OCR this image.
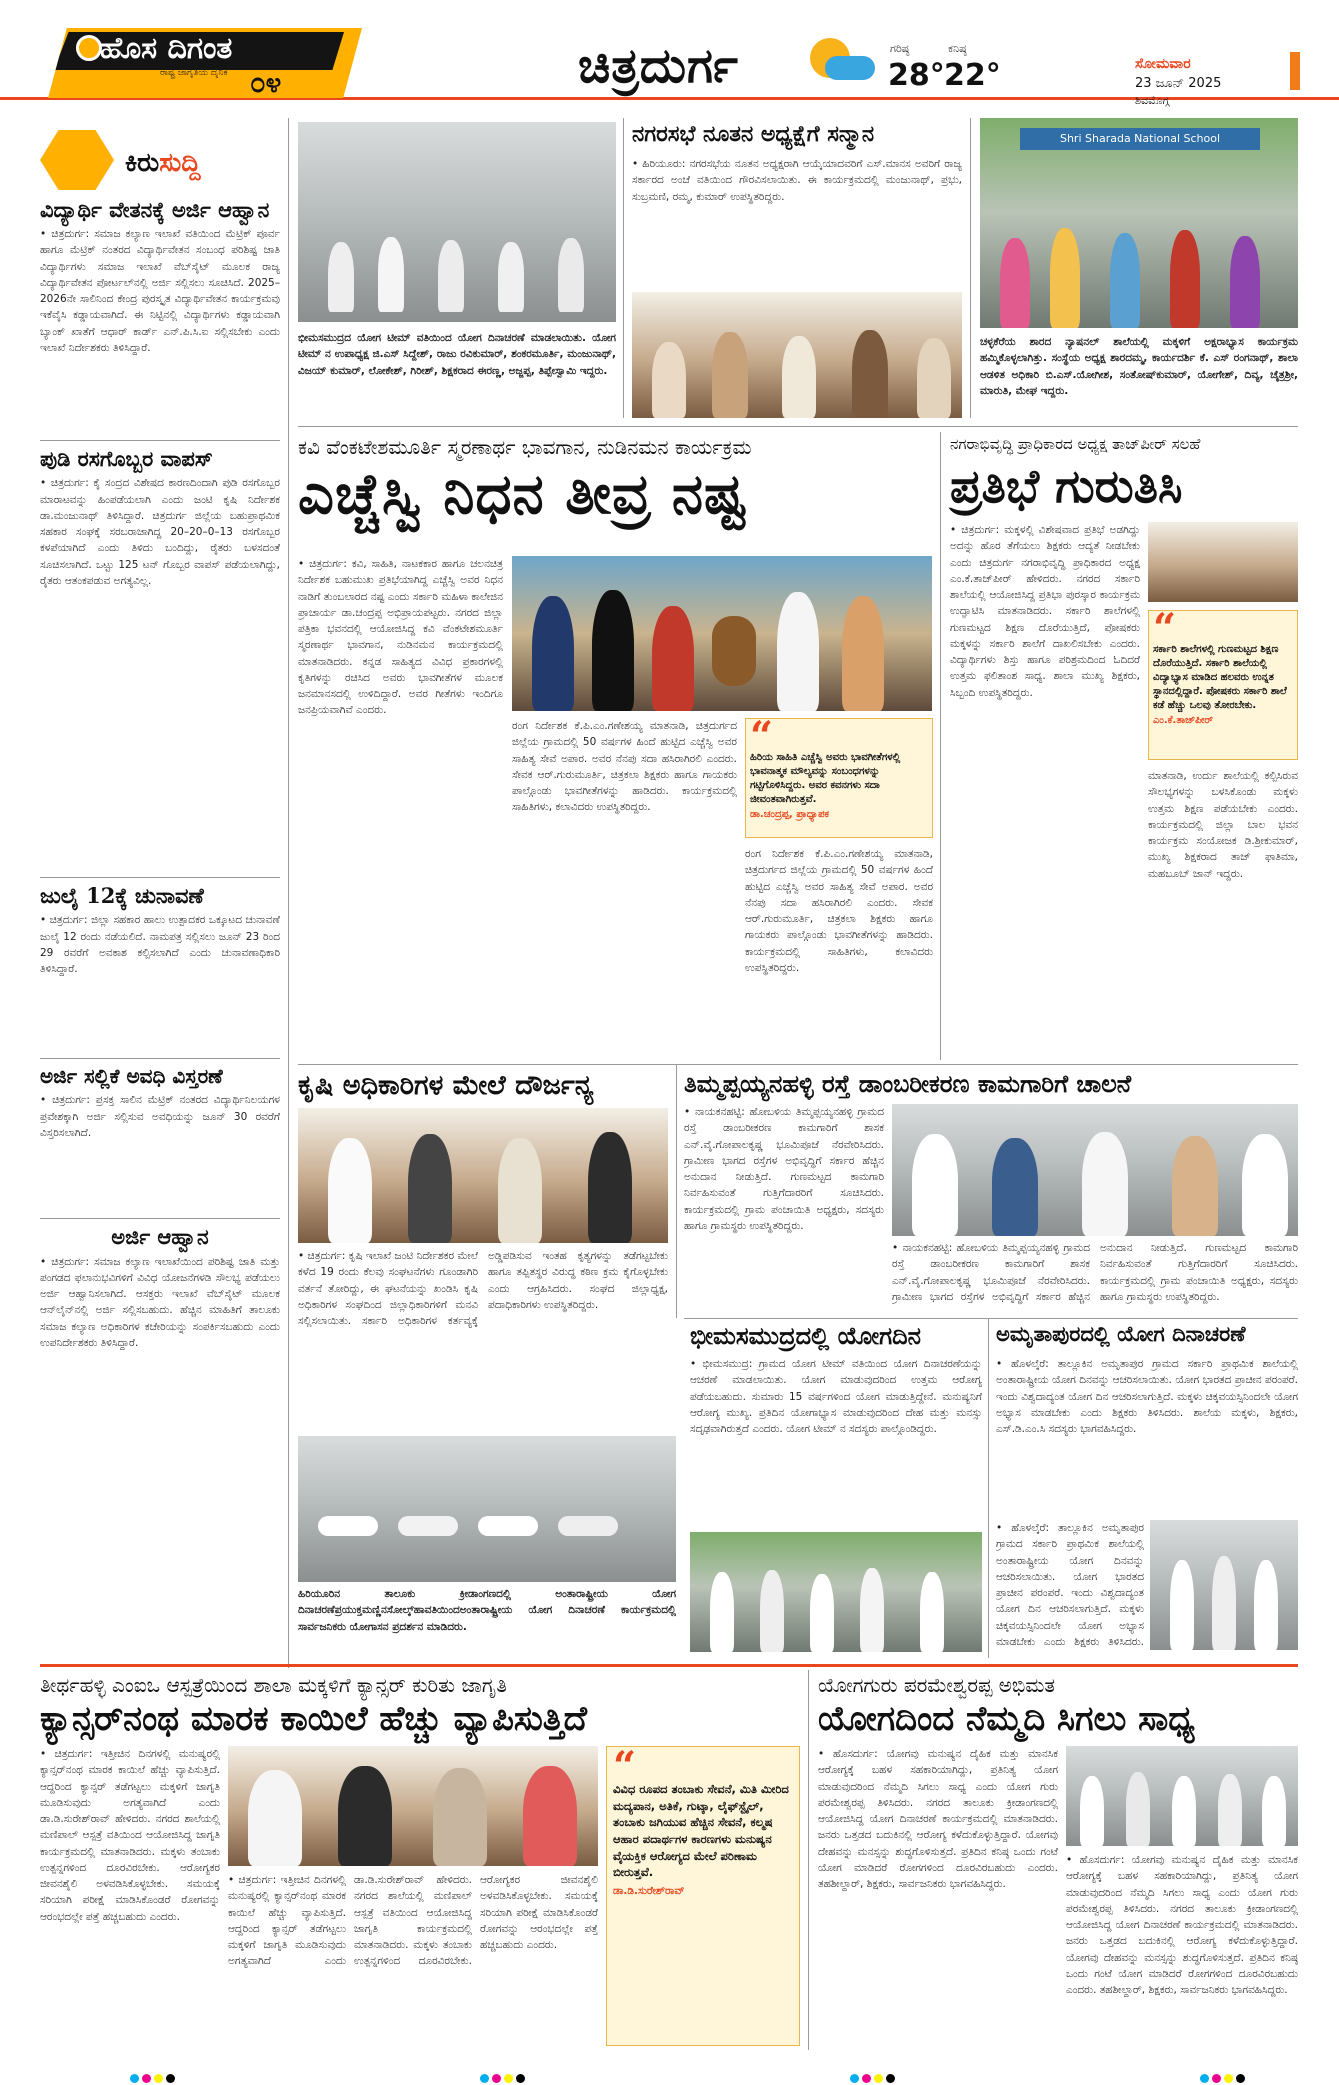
ಹೊಸ ದಿಗಂತ
ರಾಷ್ಟ್ರ ಜಾಗೃತಿಯ ದೈನಿಕ ೦೪	ಚಿತ್ರದುರ್ಗ	ಗರಿಷ್ಠ
28°
ಕನಿಷ್ಠ
22°	ಸೋಮವಾರ
23 ಜೂನ್ 2025
ಶಿವಮೊಗ್ಗ
ಕಿರುಸುದ್ದಿ
ವಿದ್ಯಾರ್ಥಿ ವೇತನಕ್ಕೆ ಅರ್ಜಿ ಆಹ್ವಾನ
• ಚಿತ್ರದುರ್ಗ: ಸಮಾಜ ಕಲ್ಯಾಣ ಇಲಾಖೆ ವತಿಯಿಂದ ಮೆಟ್ರಿಕ್ ಪೂರ್ವ ಹಾಗೂ ಮೆಟ್ರಿಕ್ ನಂತರದ ವಿದ್ಯಾರ್ಥಿವೇತನ ಸಂಬಂಧ ಪರಿಶಿಷ್ಟ ಜಾತಿ ವಿದ್ಯಾರ್ಥಿಗಳು ಸಮಾಜ ಇಲಾಖೆ ವೆಬ್‌ಸೈಟ್ ಮೂಲಕ ರಾಜ್ಯ ವಿದ್ಯಾರ್ಥಿವೇತನ ಪೋರ್ಟಲ್‌ನಲ್ಲಿ ಅರ್ಜಿ ಸಲ್ಲಿಸಲು ಸೂಚಿಸಿದೆ. 2025–2026ನೇ ಸಾಲಿನಿಂದ ಕೇಂದ್ರ ಪುರಸ್ಕೃತ ವಿದ್ಯಾರ್ಥಿವೇತನ ಕಾರ್ಯಕ್ರಮವು ಇಕೆವೈಸಿ ಕಡ್ಡಾಯವಾಗಿದೆ. ಈ ನಿಟ್ಟಿನಲ್ಲಿ ವಿದ್ಯಾರ್ಥಿಗಳು ಕಡ್ಡಾಯವಾಗಿ ಬ್ಯಾಂಕ್ ಖಾತೆಗೆ ಆಧಾರ್ ಕಾರ್ಡ್ ಎನ್.ಪಿ.ಸಿ.ಐ ಸಲ್ಲಿಸಬೇಕು ಎಂದು ಇಲಾಖೆ ನಿರ್ದೇಶಕರು ತಿಳಿಸಿದ್ದಾರೆ.
ಪುಡಿ ರಸಗೊಬ್ಬರ ವಾಪಸ್
• ಚಿತ್ರದುರ್ಗ: ಕೈ ಸಂದ್ರದ ವಿಶೇಷದ ಕಾರಣದಿಂದಾಗಿ ಪುಡಿ ರಸಗೊಬ್ಬರ ಮಾರಾಟವನ್ನು ಹಿಂಪಡೆಯಲಾಗಿ ಎಂದು ಜಂಟಿ ಕೃಷಿ ನಿರ್ದೇಶಕ ಡಾ.ಮಂಜುನಾಥ್ ತಿಳಿಸಿದ್ದಾರೆ. ಚಿತ್ರದುರ್ಗ ಜಿಲ್ಲೆಯ ಬಹುಪ್ರಾಥಮಿಕ ಸಹಕಾರ ಸಂಘಕ್ಕೆ ಸರಬರಾಜಾಗಿದ್ದ 20–20–0–13 ರಸಗೊಬ್ಬರ ಕಳಪೆಯಾಗಿದೆ ಎಂದು ತಿಳಿದು ಬಂದಿದ್ದು, ರೈತರು ಬಳಸದಂತೆ ಸೂಚಿಸಲಾಗಿದೆ. ಒಟ್ಟು 125 ಟನ್ ಗೊಬ್ಬರ ವಾಪಸ್ ಪಡೆಯಲಾಗಿದ್ದು, ರೈತರು ಆತಂಕಪಡುವ ಅಗತ್ಯವಿಲ್ಲ.
ಜುಲೈ 12ಕ್ಕೆ ಚುನಾವಣೆ
• ಚಿತ್ರದುರ್ಗ: ಜಿಲ್ಲಾ ಸಹಕಾರ ಹಾಲು ಉತ್ಪಾದಕರ ಒಕ್ಕೂಟದ ಚುನಾವಣೆ ಜುಲೈ 12 ರಂದು ನಡೆಯಲಿದೆ. ನಾಮಪತ್ರ ಸಲ್ಲಿಸಲು ಜೂನ್ 23 ರಿಂದ 29 ರವರೆಗೆ ಅವಕಾಶ ಕಲ್ಪಿಸಲಾಗಿದೆ ಎಂದು ಚುನಾವಣಾಧಿಕಾರಿ ತಿಳಿಸಿದ್ದಾರೆ.
ಅರ್ಜಿ ಸಲ್ಲಿಕೆ ಅವಧಿ ವಿಸ್ತರಣೆ
• ಚಿತ್ರದುರ್ಗ: ಪ್ರಸಕ್ತ ಸಾಲಿನ ಮೆಟ್ರಿಕ್ ನಂತರದ ವಿದ್ಯಾರ್ಥಿನಿಲಯಗಳ ಪ್ರವೇಶಕ್ಕಾಗಿ ಅರ್ಜಿ ಸಲ್ಲಿಸುವ ಅವಧಿಯನ್ನು ಜೂನ್ 30 ರವರೆಗೆ ವಿಸ್ತರಿಸಲಾಗಿದೆ.
ಅರ್ಜಿ ಆಹ್ವಾನ
• ಚಿತ್ರದುರ್ಗ: ಸಮಾಜ ಕಲ್ಯಾಣ ಇಲಾಖೆಯಿಂದ ಪರಿಶಿಷ್ಟ ಜಾತಿ ಮತ್ತು ಪಂಗಡದ ಫಲಾನುಭವಿಗಳಿಗೆ ವಿವಿಧ ಯೋಜನೆಗಳಡಿ ಸೌಲಭ್ಯ ಪಡೆಯಲು ಅರ್ಜಿ ಆಹ್ವಾನಿಸಲಾಗಿದೆ. ಆಸಕ್ತರು ಇಲಾಖೆ ವೆಬ್‌ಸೈಟ್ ಮೂಲಕ ಆನ್‌ಲೈನ್‌ನಲ್ಲಿ ಅರ್ಜಿ ಸಲ್ಲಿಸಬಹುದು. ಹೆಚ್ಚಿನ ಮಾಹಿತಿಗೆ ತಾಲೂಕು ಸಮಾಜ ಕಲ್ಯಾಣ ಅಧಿಕಾರಿಗಳ ಕಚೇರಿಯನ್ನು ಸಂಪರ್ಕಿಸಬಹುದು ಎಂದು ಉಪನಿರ್ದೇಶಕರು ತಿಳಿಸಿದ್ದಾರೆ.
ಭೀಮಸಮುದ್ರದ ಯೋಗ ಟೀಮ್ ವತಿಯಿಂದ ಯೋಗ ದಿನಾಚರಣೆ ಮಾಡಲಾಯಿತು. ಯೋಗ ಟೀಮ್ ನ ಉಪಾಧ್ಯಕ್ಷ ಜಿ.ಎಸ್ ಸಿದ್ದೇಶ್, ರಾಜು ರವಿಕುಮಾರ್, ಶಂಕರಮೂರ್ತಿ, ಮಂಜುನಾಥ್, ವಿಜಯ್ ಕುಮಾರ್, ಲೋಕೇಶ್, ಗಿರೀಶ್, ಶಿಕ್ಷಕರಾದ ಈರಣ್ಣ, ಅಜ್ಜಪ್ಪ, ತಿಪ್ಪೇಸ್ವಾಮಿ ಇದ್ದರು.
ನಗರಸಭೆ ನೂತನ ಅಧ್ಯಕ್ಷೆಗೆ ಸನ್ಮಾನ
• ಹಿರಿಯೂರು: ನಗರಸಭೆಯ ನೂತನ ಅಧ್ಯಕ್ಷರಾಗಿ ಆಯ್ಕೆಯಾದವರಿಗೆ ಎಸ್.ಮಾನಸ ಅವರಿಗೆ ರಾಜ್ಯ ಸರ್ಕಾರದ ಅಂಚೆ ವತಿಯಿಂದ ಗೌರವಿಸಲಾಯಿತು. ಈ ಕಾರ್ಯಕ್ರಮದಲ್ಲಿ ಮಂಜುನಾಥ್, ಪ್ರಭು, ಸುಬ್ರಮಣಿ, ರಮ್ಮ, ಕುಮಾರ್ ಉಪಸ್ಥಿತರಿದ್ದರು.
Shri Sharada National School
ಚಳ್ಳಕೆರೆಯ ಶಾರದ ನ್ಯಾಷನಲ್ ಶಾಲೆಯಲ್ಲಿ ಮಕ್ಕಳಿಗೆ ಅಕ್ಷರಾಭ್ಯಾಸ ಕಾರ್ಯಕ್ರಮ ಹಮ್ಮಿಕೊಳ್ಳಲಾಗಿತ್ತು. ಸಂಸ್ಥೆಯ ಅಧ್ಯಕ್ಷ ಶಾರದಮ್ಮ, ಕಾರ್ಯದರ್ಶಿ ಕೆ. ಎಸ್ ರಂಗನಾಥ್, ಶಾಲಾ ಆಡಳಿತ ಅಧಿಕಾರಿ ಬಿ.ಎಸ್.ಯೋಗೀಶ, ಸಂತೋಷ್‌ಕುಮಾರ್, ಯೋಗೇಶ್, ದಿವ್ಯ, ಚೈತ್ರಶ್ರೀ, ಮಾರುತಿ, ಮೇಘ ಇದ್ದರು.
ಕವಿ ವೆಂಕಟೇಶಮೂರ್ತಿ ಸ್ಮರಣಾರ್ಥ ಭಾವಗಾನ, ನುಡಿನಮನ ಕಾರ್ಯಕ್ರಮ
ಎಚ್ಚೆಸ್ವಿ ನಿಧನ ತೀವ್ರ ನಷ್ಟ
• ಚಿತ್ರದುರ್ಗ: ಕವಿ, ಸಾಹಿತಿ, ನಾಟಕಕಾರ ಹಾಗೂ ಚಲನಚಿತ್ರ ನಿರ್ದೇಶಕ ಬಹುಮುಖ ಪ್ರತಿಭೆಯಾಗಿದ್ದ ಎಚ್ಚೆಸ್ವಿ ಅವರ ನಿಧನ ನಾಡಿಗೆ ತುಂಬಲಾರದ ನಷ್ಟ ಎಂದು ಸರ್ಕಾರಿ ಮಹಿಳಾ ಕಾಲೇಜಿನ ಪ್ರಾಚಾರ್ಯ ಡಾ.ಚಂದ್ರಪ್ಪ ಅಭಿಪ್ರಾಯಪಟ್ಟರು. ನಗರದ ಜಿಲ್ಲಾ ಪತ್ರಿಕಾ ಭವನದಲ್ಲಿ ಆಯೋಜಿಸಿದ್ದ ಕವಿ ವೆಂಕಟೇಶಮೂರ್ತಿ ಸ್ಮರಣಾರ್ಥ ಭಾವಗಾನ, ನುಡಿನಮನ ಕಾರ್ಯಕ್ರಮದಲ್ಲಿ ಮಾತನಾಡಿದರು. ಕನ್ನಡ ಸಾಹಿತ್ಯದ ವಿವಿಧ ಪ್ರಕಾರಗಳಲ್ಲಿ ಕೃತಿಗಳನ್ನು ರಚಿಸಿದ ಅವರು ಭಾವಗೀತೆಗಳ ಮೂಲಕ ಜನಮಾನಸದಲ್ಲಿ ಉಳಿದಿದ್ದಾರೆ. ಅವರ ಗೀತೆಗಳು ಇಂದಿಗೂ ಜನಪ್ರಿಯವಾಗಿವೆ ಎಂದರು.
“
ಹಿರಿಯ ಸಾಹಿತಿ ಎಚ್ಚೆಸ್ವಿ ಅವರು ಭಾವಗೀತೆಗಳಲ್ಲಿ ಭಾವನಾತ್ಮಕ ಮೌಲ್ಯವನ್ನು ಸಂಬಂಧಗಳನ್ನು ಗಟ್ಟಿಗೊಳಿಸಿದ್ದರು. ಅವರ ಕವನಗಳು ಸದಾ ಜೀವಂತವಾಗಿರುತ್ತವೆ.
ಡಾ.ಚಂದ್ರಪ್ಪ, ಪ್ರಾಧ್ಯಾಪಕ
ರಂಗ ನಿರ್ದೇಶಕ ಕೆ.ಪಿ.ಎಂ.ಗಣೇಶಯ್ಯ ಮಾತನಾಡಿ, ಚಿತ್ರದುರ್ಗದ ಜಿಲ್ಲೆಯ ಗ್ರಾಮದಲ್ಲಿ 50 ವರ್ಷಗಳ ಹಿಂದೆ ಹುಟ್ಟಿದ ಎಚ್ಚೆಸ್ವಿ ಅವರ ಸಾಹಿತ್ಯ ಸೇವೆ ಅಪಾರ. ಅವರ ನೆನಪು ಸದಾ ಹಸಿರಾಗಿರಲಿ ಎಂದರು. ಸೇವಕ ಆರ್.ಗುರುಮೂರ್ತಿ, ಚಿತ್ರಕಲಾ ಶಿಕ್ಷಕರು ಹಾಗೂ ಗಾಯಕರು ಪಾಲ್ಗೊಂಡು ಭಾವಗೀತೆಗಳನ್ನು ಹಾಡಿದರು. ಕಾರ್ಯಕ್ರಮದಲ್ಲಿ ಸಾಹಿತಿಗಳು, ಕಲಾವಿದರು ಉಪಸ್ಥಿತರಿದ್ದರು.
ರಂಗ ನಿರ್ದೇಶಕ ಕೆ.ಪಿ.ಎಂ.ಗಣೇಶಯ್ಯ ಮಾತನಾಡಿ, ಚಿತ್ರದುರ್ಗದ ಜಿಲ್ಲೆಯ ಗ್ರಾಮದಲ್ಲಿ 50 ವರ್ಷಗಳ ಹಿಂದೆ ಹುಟ್ಟಿದ ಎಚ್ಚೆಸ್ವಿ ಅವರ ಸಾಹಿತ್ಯ ಸೇವೆ ಅಪಾರ. ಅವರ ನೆನಪು ಸದಾ ಹಸಿರಾಗಿರಲಿ ಎಂದರು. ಸೇವಕ ಆರ್.ಗುರುಮೂರ್ತಿ, ಚಿತ್ರಕಲಾ ಶಿಕ್ಷಕರು ಹಾಗೂ ಗಾಯಕರು ಪಾಲ್ಗೊಂಡು ಭಾವಗೀತೆಗಳನ್ನು ಹಾಡಿದರು. ಕಾರ್ಯಕ್ರಮದಲ್ಲಿ ಸಾಹಿತಿಗಳು, ಕಲಾವಿದರು ಉಪಸ್ಥಿತರಿದ್ದರು.
ನಗರಾಭಿವೃದ್ಧಿ ಪ್ರಾಧಿಕಾರದ ಅಧ್ಯಕ್ಷ ತಾಜ್‌ಪೀರ್ ಸಲಹೆ
ಪ್ರತಿಭೆ ಗುರುತಿಸಿ
• ಚಿತ್ರದುರ್ಗ: ಮಕ್ಕಳಲ್ಲಿ ವಿಶೇಷವಾದ ಪ್ರತಿಭೆ ಅಡಗಿದ್ದು ಅದನ್ನು ಹೊರ ತೆಗೆಯಲು ಶಿಕ್ಷಕರು ಆದ್ಯತೆ ನೀಡಬೇಕು ಎಂದು ಚಿತ್ರದುರ್ಗ ನಗರಾಭಿವೃದ್ಧಿ ಪ್ರಾಧಿಕಾರದ ಅಧ್ಯಕ್ಷ ಎಂ.ಕೆ.ತಾಜ್‌ಪೀರ್ ಹೇಳಿದರು. ನಗರದ ಸರ್ಕಾರಿ ಶಾಲೆಯಲ್ಲಿ ಆಯೋಜಿಸಿದ್ದ ಪ್ರತಿಭಾ ಪುರಸ್ಕಾರ ಕಾರ್ಯಕ್ರಮ ಉದ್ಘಾಟಿಸಿ ಮಾತನಾಡಿದರು. ಸರ್ಕಾರಿ ಶಾಲೆಗಳಲ್ಲಿ ಗುಣಮಟ್ಟದ ಶಿಕ್ಷಣ ದೊರೆಯುತ್ತಿದೆ, ಪೋಷಕರು ಮಕ್ಕಳನ್ನು ಸರ್ಕಾರಿ ಶಾಲೆಗೆ ದಾಖಲಿಸಬೇಕು ಎಂದರು. ವಿದ್ಯಾರ್ಥಿಗಳು ಶಿಸ್ತು ಹಾಗೂ ಪರಿಶ್ರಮದಿಂದ ಓದಿದರೆ ಉತ್ತಮ ಫಲಿತಾಂಶ ಸಾಧ್ಯ. ಶಾಲಾ ಮುಖ್ಯ ಶಿಕ್ಷಕರು, ಸಿಬ್ಬಂದಿ ಉಪಸ್ಥಿತರಿದ್ದರು.
“
ಸರ್ಕಾರಿ ಶಾಲೆಗಳಲ್ಲಿ ಗುಣಮಟ್ಟದ ಶಿಕ್ಷಣ ದೊರೆಯುತ್ತಿದೆ. ಸರ್ಕಾರಿ ಶಾಲೆಯಲ್ಲಿ ವಿದ್ಯಾಭ್ಯಾಸ ಮಾಡಿದ ಹಲವರು ಉನ್ನತ ಸ್ಥಾನದಲ್ಲಿದ್ದಾರೆ. ಪೋಷಕರು ಸರ್ಕಾರಿ ಶಾಲೆ ಕಡೆ ಹೆಚ್ಚು ಒಲವು ತೋರಬೇಕು.
ಎಂ.ಕೆ.ತಾಜ್‌ಪೀರ್
ಮಾತನಾಡಿ, ಉರ್ದು ಶಾಲೆಯಲ್ಲಿ ಕಲ್ಪಿಸಿರುವ ಸೌಲಭ್ಯಗಳನ್ನು ಬಳಸಿಕೊಂಡು ಮಕ್ಕಳು ಉತ್ತಮ ಶಿಕ್ಷಣ ಪಡೆಯಬೇಕು ಎಂದರು. ಕಾರ್ಯಕ್ರಮದಲ್ಲಿ ಜಿಲ್ಲಾ ಬಾಲ ಭವನ ಕಾರ್ಯಕ್ರಮ ಸಂಯೋಜಕ ಡಿ.ಶ್ರೀಕುಮಾರ್, ಮುಖ್ಯ ಶಿಕ್ಷಕರಾದ ತಾಜ್ ಫಾತಿಮಾ, ಮಹಬೂಬ್ ಜಾನ್ ಇದ್ದರು.
ಕೃಷಿ ಅಧಿಕಾರಿಗಳ ಮೇಲೆ ದೌರ್ಜನ್ಯ
• ಚಿತ್ರದುರ್ಗ: ಕೃಷಿ ಇಲಾಖೆ ಜಂಟಿ ನಿರ್ದೇಶಕರ ಮೇಲೆ ಕಳೆದ 19 ರಂದು ಕೆಲವು ಸಂಘಟನೆಗಳು ಗೂಂಡಾಗಿರಿ ವರ್ತನೆ ತೋರಿದ್ದು, ಈ ಘಟನೆಯನ್ನು ಖಂಡಿಸಿ ಕೃಷಿ ಅಧಿಕಾರಿಗಳ ಸಂಘದಿಂದ ಜಿಲ್ಲಾಧಿಕಾರಿಗಳಿಗೆ ಮನವಿ ಸಲ್ಲಿಸಲಾಯಿತು. ಸರ್ಕಾರಿ ಅಧಿಕಾರಿಗಳ ಕರ್ತವ್ಯಕ್ಕೆ ಅಡ್ಡಿಪಡಿಸುವ ಇಂತಹ ಕೃತ್ಯಗಳನ್ನು ತಡೆಗಟ್ಟಬೇಕು ಹಾಗೂ ತಪ್ಪಿತಸ್ಥರ ವಿರುದ್ಧ ಕಠಿಣ ಕ್ರಮ ಕೈಗೊಳ್ಳಬೇಕು ಎಂದು ಆಗ್ರಹಿಸಿದರು. ಸಂಘದ ಜಿಲ್ಲಾಧ್ಯಕ್ಷ, ಪದಾಧಿಕಾರಿಗಳು ಉಪಸ್ಥಿತರಿದ್ದರು.
ತಿಮ್ಮಪ್ಪಯ್ಯನಹಳ್ಳಿ ರಸ್ತೆ ಡಾಂಬರೀಕರಣ ಕಾಮಗಾರಿಗೆ ಚಾಲನೆ
• ನಾಯಕನಹಟ್ಟಿ: ಹೋಬಳಿಯ ತಿಮ್ಮಪ್ಪಯ್ಯನಹಳ್ಳಿ ಗ್ರಾಮದ ರಸ್ತೆ ಡಾಂಬರೀಕರಣ ಕಾಮಗಾರಿಗೆ ಶಾಸಕ ಎನ್.ವೈ.ಗೋಪಾಲಕೃಷ್ಣ ಭೂಮಿಪೂಜೆ ನೆರವೇರಿಸಿದರು. ಗ್ರಾಮೀಣ ಭಾಗದ ರಸ್ತೆಗಳ ಅಭಿವೃದ್ಧಿಗೆ ಸರ್ಕಾರ ಹೆಚ್ಚಿನ ಅನುದಾನ ನೀಡುತ್ತಿದೆ. ಗುಣಮಟ್ಟದ ಕಾಮಗಾರಿ ನಿರ್ವಹಿಸುವಂತೆ ಗುತ್ತಿಗೆದಾರರಿಗೆ ಸೂಚಿಸಿದರು. ಕಾರ್ಯಕ್ರಮದಲ್ಲಿ ಗ್ರಾಮ ಪಂಚಾಯಿತಿ ಅಧ್ಯಕ್ಷರು, ಸದಸ್ಯರು ಹಾಗೂ ಗ್ರಾಮಸ್ಥರು ಉಪಸ್ಥಿತರಿದ್ದರು.
• ನಾಯಕನಹಟ್ಟಿ: ಹೋಬಳಿಯ ತಿಮ್ಮಪ್ಪಯ್ಯನಹಳ್ಳಿ ಗ್ರಾಮದ ರಸ್ತೆ ಡಾಂಬರೀಕರಣ ಕಾಮಗಾರಿಗೆ ಶಾಸಕ ಎನ್.ವೈ.ಗೋಪಾಲಕೃಷ್ಣ ಭೂಮಿಪೂಜೆ ನೆರವೇರಿಸಿದರು. ಗ್ರಾಮೀಣ ಭಾಗದ ರಸ್ತೆಗಳ ಅಭಿವೃದ್ಧಿಗೆ ಸರ್ಕಾರ ಹೆಚ್ಚಿನ ಅನುದಾನ ನೀಡುತ್ತಿದೆ. ಗುಣಮಟ್ಟದ ಕಾಮಗಾರಿ ನಿರ್ವಹಿಸುವಂತೆ ಗುತ್ತಿಗೆದಾರರಿಗೆ ಸೂಚಿಸಿದರು. ಕಾರ್ಯಕ್ರಮದಲ್ಲಿ ಗ್ರಾಮ ಪಂಚಾಯಿತಿ ಅಧ್ಯಕ್ಷರು, ಸದಸ್ಯರು ಹಾಗೂ ಗ್ರಾಮಸ್ಥರು ಉಪಸ್ಥಿತರಿದ್ದರು.
ಭೀಮಸಮುದ್ರದಲ್ಲಿ ಯೋಗದಿನ
• ಭೀಮಸಮುದ್ರ: ಗ್ರಾಮದ ಯೋಗ ಟೀಮ್ ವತಿಯಿಂದ ಯೋಗ ದಿನಾಚರಣೆಯನ್ನು ಆಚರಣೆ ಮಾಡಲಾಯಿತು. ಯೋಗ ಮಾಡುವುದರಿಂದ ಉತ್ತಮ ಆರೋಗ್ಯ ಪಡೆಯಬಹುದು. ಸುಮಾರು 15 ವರ್ಷಗಳಿಂದ ಯೋಗ ಮಾಡುತ್ತಿದ್ದೇನೆ. ಮನುಷ್ಯನಿಗೆ ಆರೋಗ್ಯ ಮುಖ್ಯ. ಪ್ರತಿದಿನ ಯೋಗಾಭ್ಯಾಸ ಮಾಡುವುದರಿಂದ ದೇಹ ಮತ್ತು ಮನಸ್ಸು ಸದೃಢವಾಗಿರುತ್ತದೆ ಎಂದರು. ಯೋಗ ಟೀಮ್ ನ ಸದಸ್ಯರು ಪಾಲ್ಗೊಂಡಿದ್ದರು.
ಅಮೃತಾಪುರದಲ್ಲಿ ಯೋಗ ದಿನಾಚರಣೆ
• ಹೊಳಲ್ಕೆರೆ: ತಾಲ್ಲೂಕಿನ ಅಮೃತಾಪುರ ಗ್ರಾಮದ ಸರ್ಕಾರಿ ಪ್ರಾಥಮಿಕ ಶಾಲೆಯಲ್ಲಿ ಅಂತಾರಾಷ್ಟ್ರೀಯ ಯೋಗ ದಿನವನ್ನು ಆಚರಿಸಲಾಯಿತು. ಯೋಗ ಭಾರತದ ಪ್ರಾಚೀನ ಪರಂಪರೆ. ಇಂದು ವಿಶ್ವದಾದ್ಯಂತ ಯೋಗ ದಿನ ಆಚರಿಸಲಾಗುತ್ತಿದೆ. ಮಕ್ಕಳು ಚಿಕ್ಕವಯಸ್ಸಿನಿಂದಲೇ ಯೋಗ ಅಭ್ಯಾಸ ಮಾಡಬೇಕು ಎಂದು ಶಿಕ್ಷಕರು ತಿಳಿಸಿದರು. ಶಾಲೆಯ ಮಕ್ಕಳು, ಶಿಕ್ಷಕರು, ಎಸ್.ಡಿ.ಎಂ.ಸಿ ಸದಸ್ಯರು ಭಾಗವಹಿಸಿದ್ದರು.
• ಹೊಳಲ್ಕೆರೆ: ತಾಲ್ಲೂಕಿನ ಅಮೃತಾಪುರ ಗ್ರಾಮದ ಸರ್ಕಾರಿ ಪ್ರಾಥಮಿಕ ಶಾಲೆಯಲ್ಲಿ ಅಂತಾರಾಷ್ಟ್ರೀಯ ಯೋಗ ದಿನವನ್ನು ಆಚರಿಸಲಾಯಿತು. ಯೋಗ ಭಾರತದ ಪ್ರಾಚೀನ ಪರಂಪರೆ. ಇಂದು ವಿಶ್ವದಾದ್ಯಂತ ಯೋಗ ದಿನ ಆಚರಿಸಲಾಗುತ್ತಿದೆ. ಮಕ್ಕಳು ಚಿಕ್ಕವಯಸ್ಸಿನಿಂದಲೇ ಯೋಗ ಅಭ್ಯಾಸ ಮಾಡಬೇಕು ಎಂದು ಶಿಕ್ಷಕರು ತಿಳಿಸಿದರು.
ಹಿರಿಯೂರಿನ ತಾಲೂಕು ಕ್ರೀಡಾಂಗಣದಲ್ಲಿ ಅಂತಾರಾಷ್ಟ್ರೀಯ ಯೋಗ ದಿನಾಚರಣೆಪ್ರಯುಕ್ತಮಣ್ಣಿನಸೋಲ್ಕ್‌ಹಾವತಿಯಿಂದಅಂತಾರಾಷ್ಟ್ರೀಯ ಯೋಗ ದಿನಾಚರಣೆ ಕಾರ್ಯಕ್ರಮದಲ್ಲಿ ಸಾರ್ವಜನಿಕರು ಯೋಗಾಸನ ಪ್ರದರ್ಶನ ಮಾಡಿದರು.
ತೀರ್ಥಹಳ್ಳಿ ಎಂಐಒ ಆಸ್ಪತ್ರೆಯಿಂದ ಶಾಲಾ ಮಕ್ಕಳಿಗೆ ಕ್ಯಾನ್ಸರ್ ಕುರಿತು ಜಾಗೃತಿ
ಕ್ಯಾನ್ಸರ್‌ನಂಥ ಮಾರಕ ಕಾಯಿಲೆ ಹೆಚ್ಚು ವ್ಯಾಪಿಸುತ್ತಿದೆ
• ಚಿತ್ರದುರ್ಗ: ಇತ್ತೀಚಿನ ದಿನಗಳಲ್ಲಿ ಮನುಷ್ಯರಲ್ಲಿ ಕ್ಯಾನ್ಸರ್‌ನಂಥ ಮಾರಕ ಕಾಯಿಲೆ ಹೆಚ್ಚು ವ್ಯಾಪಿಸುತ್ತಿದೆ. ಆದ್ದರಿಂದ ಕ್ಯಾನ್ಸರ್ ತಡೆಗಟ್ಟಲು ಮಕ್ಕಳಿಗೆ ಜಾಗೃತಿ ಮೂಡಿಸುವುದು ಅಗತ್ಯವಾಗಿದೆ ಎಂದು ಡಾ.ಡಿ.ಸುರೇಶ್‌ರಾವ್ ಹೇಳಿದರು. ನಗರದ ಶಾಲೆಯಲ್ಲಿ ಮಣಿಪಾಲ್ ಆಸ್ಪತ್ರೆ ವತಿಯಿಂದ ಆಯೋಜಿಸಿದ್ದ ಜಾಗೃತಿ ಕಾರ್ಯಕ್ರಮದಲ್ಲಿ ಮಾತನಾಡಿದರು. ಮಕ್ಕಳು ತಂಬಾಕು ಉತ್ಪನ್ನಗಳಿಂದ ದೂರವಿರಬೇಕು. ಆರೋಗ್ಯಕರ ಜೀವನಶೈಲಿ ಅಳವಡಿಸಿಕೊಳ್ಳಬೇಕು. ಸಮಯಕ್ಕೆ ಸರಿಯಾಗಿ ಪರೀಕ್ಷೆ ಮಾಡಿಸಿಕೊಂಡರೆ ರೋಗವನ್ನು ಆರಂಭದಲ್ಲೇ ಪತ್ತೆ ಹಚ್ಚಬಹುದು ಎಂದರು.
• ಚಿತ್ರದುರ್ಗ: ಇತ್ತೀಚಿನ ದಿನಗಳಲ್ಲಿ ಮನುಷ್ಯರಲ್ಲಿ ಕ್ಯಾನ್ಸರ್‌ನಂಥ ಮಾರಕ ಕಾಯಿಲೆ ಹೆಚ್ಚು ವ್ಯಾಪಿಸುತ್ತಿದೆ. ಆದ್ದರಿಂದ ಕ್ಯಾನ್ಸರ್ ತಡೆಗಟ್ಟಲು ಮಕ್ಕಳಿಗೆ ಜಾಗೃತಿ ಮೂಡಿಸುವುದು ಅಗತ್ಯವಾಗಿದೆ ಎಂದು ಡಾ.ಡಿ.ಸುರೇಶ್‌ರಾವ್ ಹೇಳಿದರು. ನಗರದ ಶಾಲೆಯಲ್ಲಿ ಮಣಿಪಾಲ್ ಆಸ್ಪತ್ರೆ ವತಿಯಿಂದ ಆಯೋಜಿಸಿದ್ದ ಜಾಗೃತಿ ಕಾರ್ಯಕ್ರಮದಲ್ಲಿ ಮಾತನಾಡಿದರು. ಮಕ್ಕಳು ತಂಬಾಕು ಉತ್ಪನ್ನಗಳಿಂದ ದೂರವಿರಬೇಕು. ಆರೋಗ್ಯಕರ ಜೀವನಶೈಲಿ ಅಳವಡಿಸಿಕೊಳ್ಳಬೇಕು. ಸಮಯಕ್ಕೆ ಸರಿಯಾಗಿ ಪರೀಕ್ಷೆ ಮಾಡಿಸಿಕೊಂಡರೆ ರೋಗವನ್ನು ಆರಂಭದಲ್ಲೇ ಪತ್ತೆ ಹಚ್ಚಬಹುದು ಎಂದರು.
“
ವಿವಿಧ ರೂಪದ ತಂಬಾಕು ಸೇವನೆ, ಮಿತಿ ಮೀರಿದ ಮದ್ಯಪಾನ, ಅತಿಕೆ, ಗುಟ್ಕಾ, ಲೈಫ್‌ಸ್ಟೈಲ್, ತಂಬಾಕು ಜಗಿಯುವ ಹೆಚ್ಚಿನ ಸೇವನೆ, ಕಲ್ಮಷ ಆಹಾರ ಪದಾರ್ಥಗಳ ಕಾರಣಗಳು ಮನುಷ್ಯನ ವೈಯಕ್ತಿಕ ಆರೋಗ್ಯದ ಮೇಲೆ ಪರಿಣಾಮ ಬೀರುತ್ತವೆ.
ಡಾ.ಡಿ.ಸುರೇಶ್‌ರಾವ್
ಯೋಗಗುರು ಪರಮೇಶ್ವರಪ್ಪ ಅಭಿಮತ
ಯೋಗದಿಂದ ನೆಮ್ಮದಿ ಸಿಗಲು ಸಾಧ್ಯ
• ಹೊಸದುರ್ಗ: ಯೋಗವು ಮನುಷ್ಯನ ದೈಹಿಕ ಮತ್ತು ಮಾನಸಿಕ ಆರೋಗ್ಯಕ್ಕೆ ಬಹಳ ಸಹಕಾರಿಯಾಗಿದ್ದು, ಪ್ರತಿನಿತ್ಯ ಯೋಗ ಮಾಡುವುದರಿಂದ ನೆಮ್ಮದಿ ಸಿಗಲು ಸಾಧ್ಯ ಎಂದು ಯೋಗ ಗುರು ಪರಮೇಶ್ವರಪ್ಪ ತಿಳಿಸಿದರು. ನಗರದ ತಾಲೂಕು ಕ್ರೀಡಾಂಗಣದಲ್ಲಿ ಆಯೋಜಿಸಿದ್ದ ಯೋಗ ದಿನಾಚರಣೆ ಕಾರ್ಯಕ್ರಮದಲ್ಲಿ ಮಾತನಾಡಿದರು. ಜನರು ಒತ್ತಡದ ಬದುಕಿನಲ್ಲಿ ಆರೋಗ್ಯ ಕಳೆದುಕೊಳ್ಳುತ್ತಿದ್ದಾರೆ. ಯೋಗವು ದೇಹವನ್ನು ಮನಸ್ಸನ್ನು ಶುದ್ಧಗೊಳಿಸುತ್ತದೆ. ಪ್ರತಿದಿನ ಕನಿಷ್ಠ ಒಂದು ಗಂಟೆ ಯೋಗ ಮಾಡಿದರೆ ರೋಗಗಳಿಂದ ದೂರವಿರಬಹುದು ಎಂದರು. ತಹಶೀಲ್ದಾರ್, ಶಿಕ್ಷಕರು, ಸಾರ್ವಜನಿಕರು ಭಾಗವಹಿಸಿದ್ದರು.
• ಹೊಸದುರ್ಗ: ಯೋಗವು ಮನುಷ್ಯನ ದೈಹಿಕ ಮತ್ತು ಮಾನಸಿಕ ಆರೋಗ್ಯಕ್ಕೆ ಬಹಳ ಸಹಕಾರಿಯಾಗಿದ್ದು, ಪ್ರತಿನಿತ್ಯ ಯೋಗ ಮಾಡುವುದರಿಂದ ನೆಮ್ಮದಿ ಸಿಗಲು ಸಾಧ್ಯ ಎಂದು ಯೋಗ ಗುರು ಪರಮೇಶ್ವರಪ್ಪ ತಿಳಿಸಿದರು. ನಗರದ ತಾಲೂಕು ಕ್ರೀಡಾಂಗಣದಲ್ಲಿ ಆಯೋಜಿಸಿದ್ದ ಯೋಗ ದಿನಾಚರಣೆ ಕಾರ್ಯಕ್ರಮದಲ್ಲಿ ಮಾತನಾಡಿದರು. ಜನರು ಒತ್ತಡದ ಬದುಕಿನಲ್ಲಿ ಆರೋಗ್ಯ ಕಳೆದುಕೊಳ್ಳುತ್ತಿದ್ದಾರೆ. ಯೋಗವು ದೇಹವನ್ನು ಮನಸ್ಸನ್ನು ಶುದ್ಧಗೊಳಿಸುತ್ತದೆ. ಪ್ರತಿದಿನ ಕನಿಷ್ಠ ಒಂದು ಗಂಟೆ ಯೋಗ ಮಾಡಿದರೆ ರೋಗಗಳಿಂದ ದೂರವಿರಬಹುದು ಎಂದರು. ತಹಶೀಲ್ದಾರ್, ಶಿಕ್ಷಕರು, ಸಾರ್ವಜನಿಕರು ಭಾಗವಹಿಸಿದ್ದರು.
